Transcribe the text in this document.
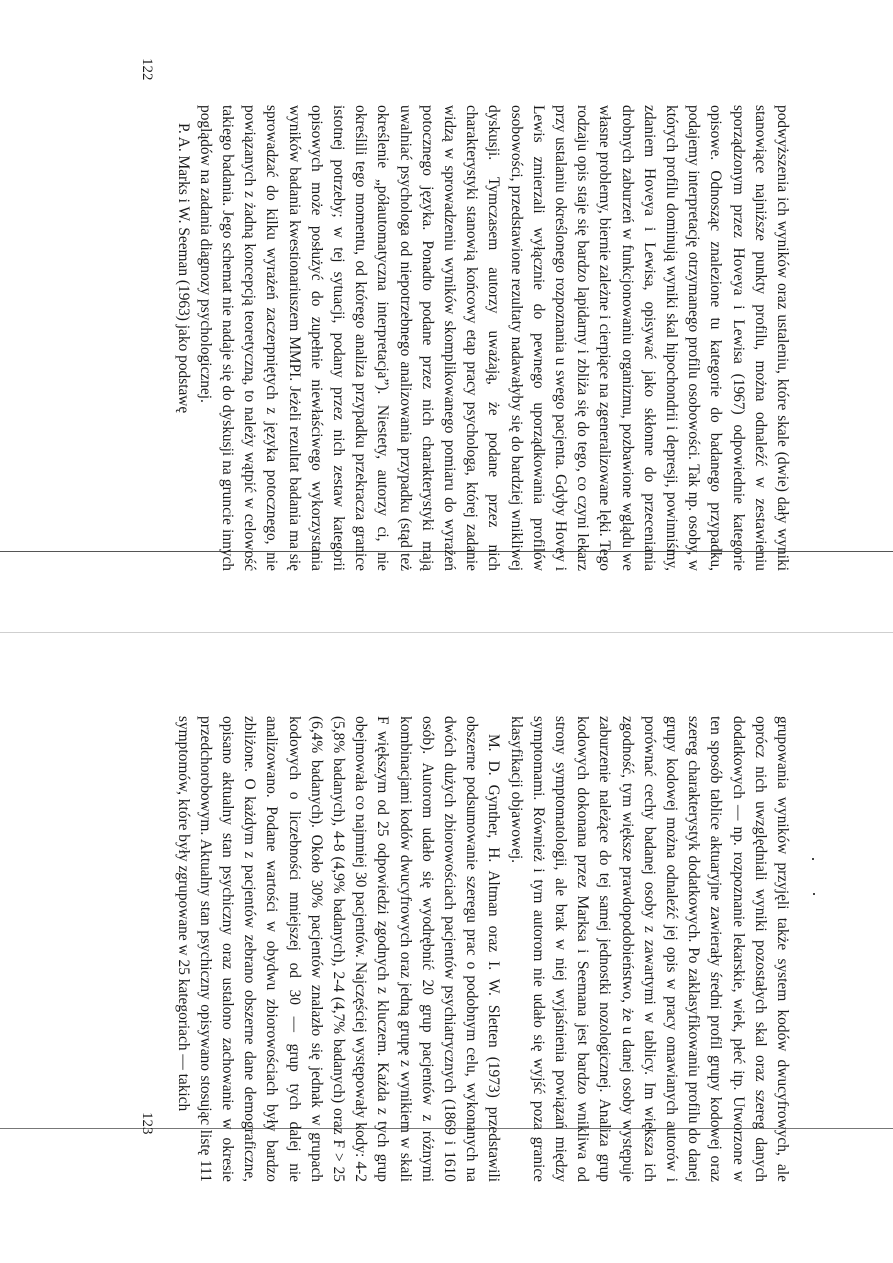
podwyższenia ich wyników oraz ustaleniu, które skale (dwie) dały wyniki stanowiące najniższe punkty profilu, można odnaleźć w zestawieniu sporządzonym przez Hoveya i Lewisa (1967) odpowiednie kategorie opisowe. Odnosząc znalezione tu kategorie do badanego przypadku, podajemy interpretację otrzymanego profilu osobowości. Tak np. osoby, w których profilu dominują wyniki skal hipochondrii i depresji, powinniśmy, zdaniem Hoveya i Lewisa, opisywać jako skłonne do przeceniania drobnych zaburzeń w funkcjonowaniu organizmu, pozbawione wglądu we własne problemy, biernie zależne i cierpiące na zgeneralizowane lęki. Tego rodzaju opis staje się bardzo lapidarny i zbliża się do tego, co czyni lekarz przy ustalaniu określonego rozpoznania u swego pacjenta. Gdyby Hovey i Lewis zmierzali wyłącznie do pewnego uporządkowania profilów osobowości, przedstawione rezultaty nadawałyby się do bardziej wnikliwej dyskusji. Tymczasem autorzy uważają, że podane przez nich charakterystyki stanowią końcowy etap pracy psychologa, której zadanie widzą w sprowadzeniu wyników skomplikowanego pomiaru do wyrażeń potocznego języka. Ponadto podane przez nich charakterystyki mają uwalniać psychologa od niepotrzebnego analizowania przypadku (stąd też określenie „półautomatyczna interpretacja”). Niestety, autorzy ci, nie określili tego momentu, od którego analiza przypadku przekracza granice istotnej potrzeby; w tej sytuacji, podany przez nich zestaw kategorii opisowych może posłużyć do zupełnie niewłaściwego wykorzystania wyników badania kwestionariuszem MMPI. Jeżeli rezultat badania ma się sprowadzać do kilku wyrażeń zaczerpniętych z języka potocznego, nie powiązanych z żadną koncepcją teoretyczną, to należy wątpić w celowość takiego badania. Jego schemat nie nadaje się do dyskusji na gruncie innych poglądów na zadania diagnozy psychologicznej.

P. A. Marks i W. Seeman (1963) jako podstawę

122

grupowania wyników przyjęli także system kodów dwucyfrowych, ale oprócz nich uwzględniali wyniki pozostałych skal oraz szereg danych dodatkowych — np. rozpoznanie lekarskie, wiek, płeć itp. Utworzone w ten sposób tablice aktuaryjne zawierały średni profil grupy kodowej oraz szereg charakterystyk dodatkowych. Po zaklasyfikowaniu profilu do danej grupy kodowej można odnaleźć jej opis w pracy omawianych autorów i porównać cechy badanej osoby z zawartymi w tablicy. Im większa ich zgodność, tym większe prawdopodobieństwo, że u danej osoby występuje zaburzenie należące do tej samej jednostki nozologicznej. Analiza grup kodowych dokonana przez Marksa i Seemana jest bardzo wnikliwa od strony symptomatologii, ale brak w niej wyjaśnienia powiązań między symptomami. Również i tym autorom nie udało się wyjść poza granice klasyfikacji objawowej.

M. D. Gynther, H. Altman oraz I. W. Sletten (1973) przedstawili obszerne podsumowanie szeregu prac o podobnym celu, wykonanych na dwóch dużych zbiorowościach pacjentów psychiatrycznych (1869 i 1610 osób). Autorom udało się wyodrębnić 20 grup pacjentów z różnymi kombinacjami kodów dwucyfrowych oraz jedną grupę z wynikiem w skali F większym od 25 odpowiedzi zgodnych z kluczem. Każda z tych grup obejmowała co najmniej 30 pacjentów. Najczęściej występowały kody: 4-2 (5,8% badanych), 4-8 (4,9% badanych), 2-4 (4,7% badanych) oraz F > 25 (6,4% badanych). Około 30% pacjentów znalazło się jednak w grupach kodowych o liczebności mniejszej od 30 — grup tych dalej nie analizowano. Podane wartości w obydwu zbiorowościach były bardzo zbliżone. O każdym z pacjentów zebrano obszerne dane demograficzne, opisano aktualny stan psychiczny oraz ustalono zachowanie w okresie przedchorobowym. Aktualny stan psychiczny opisywano stosując listę 111 symptomów, które były zgrupowane w 25 kategoriach — takich

123
